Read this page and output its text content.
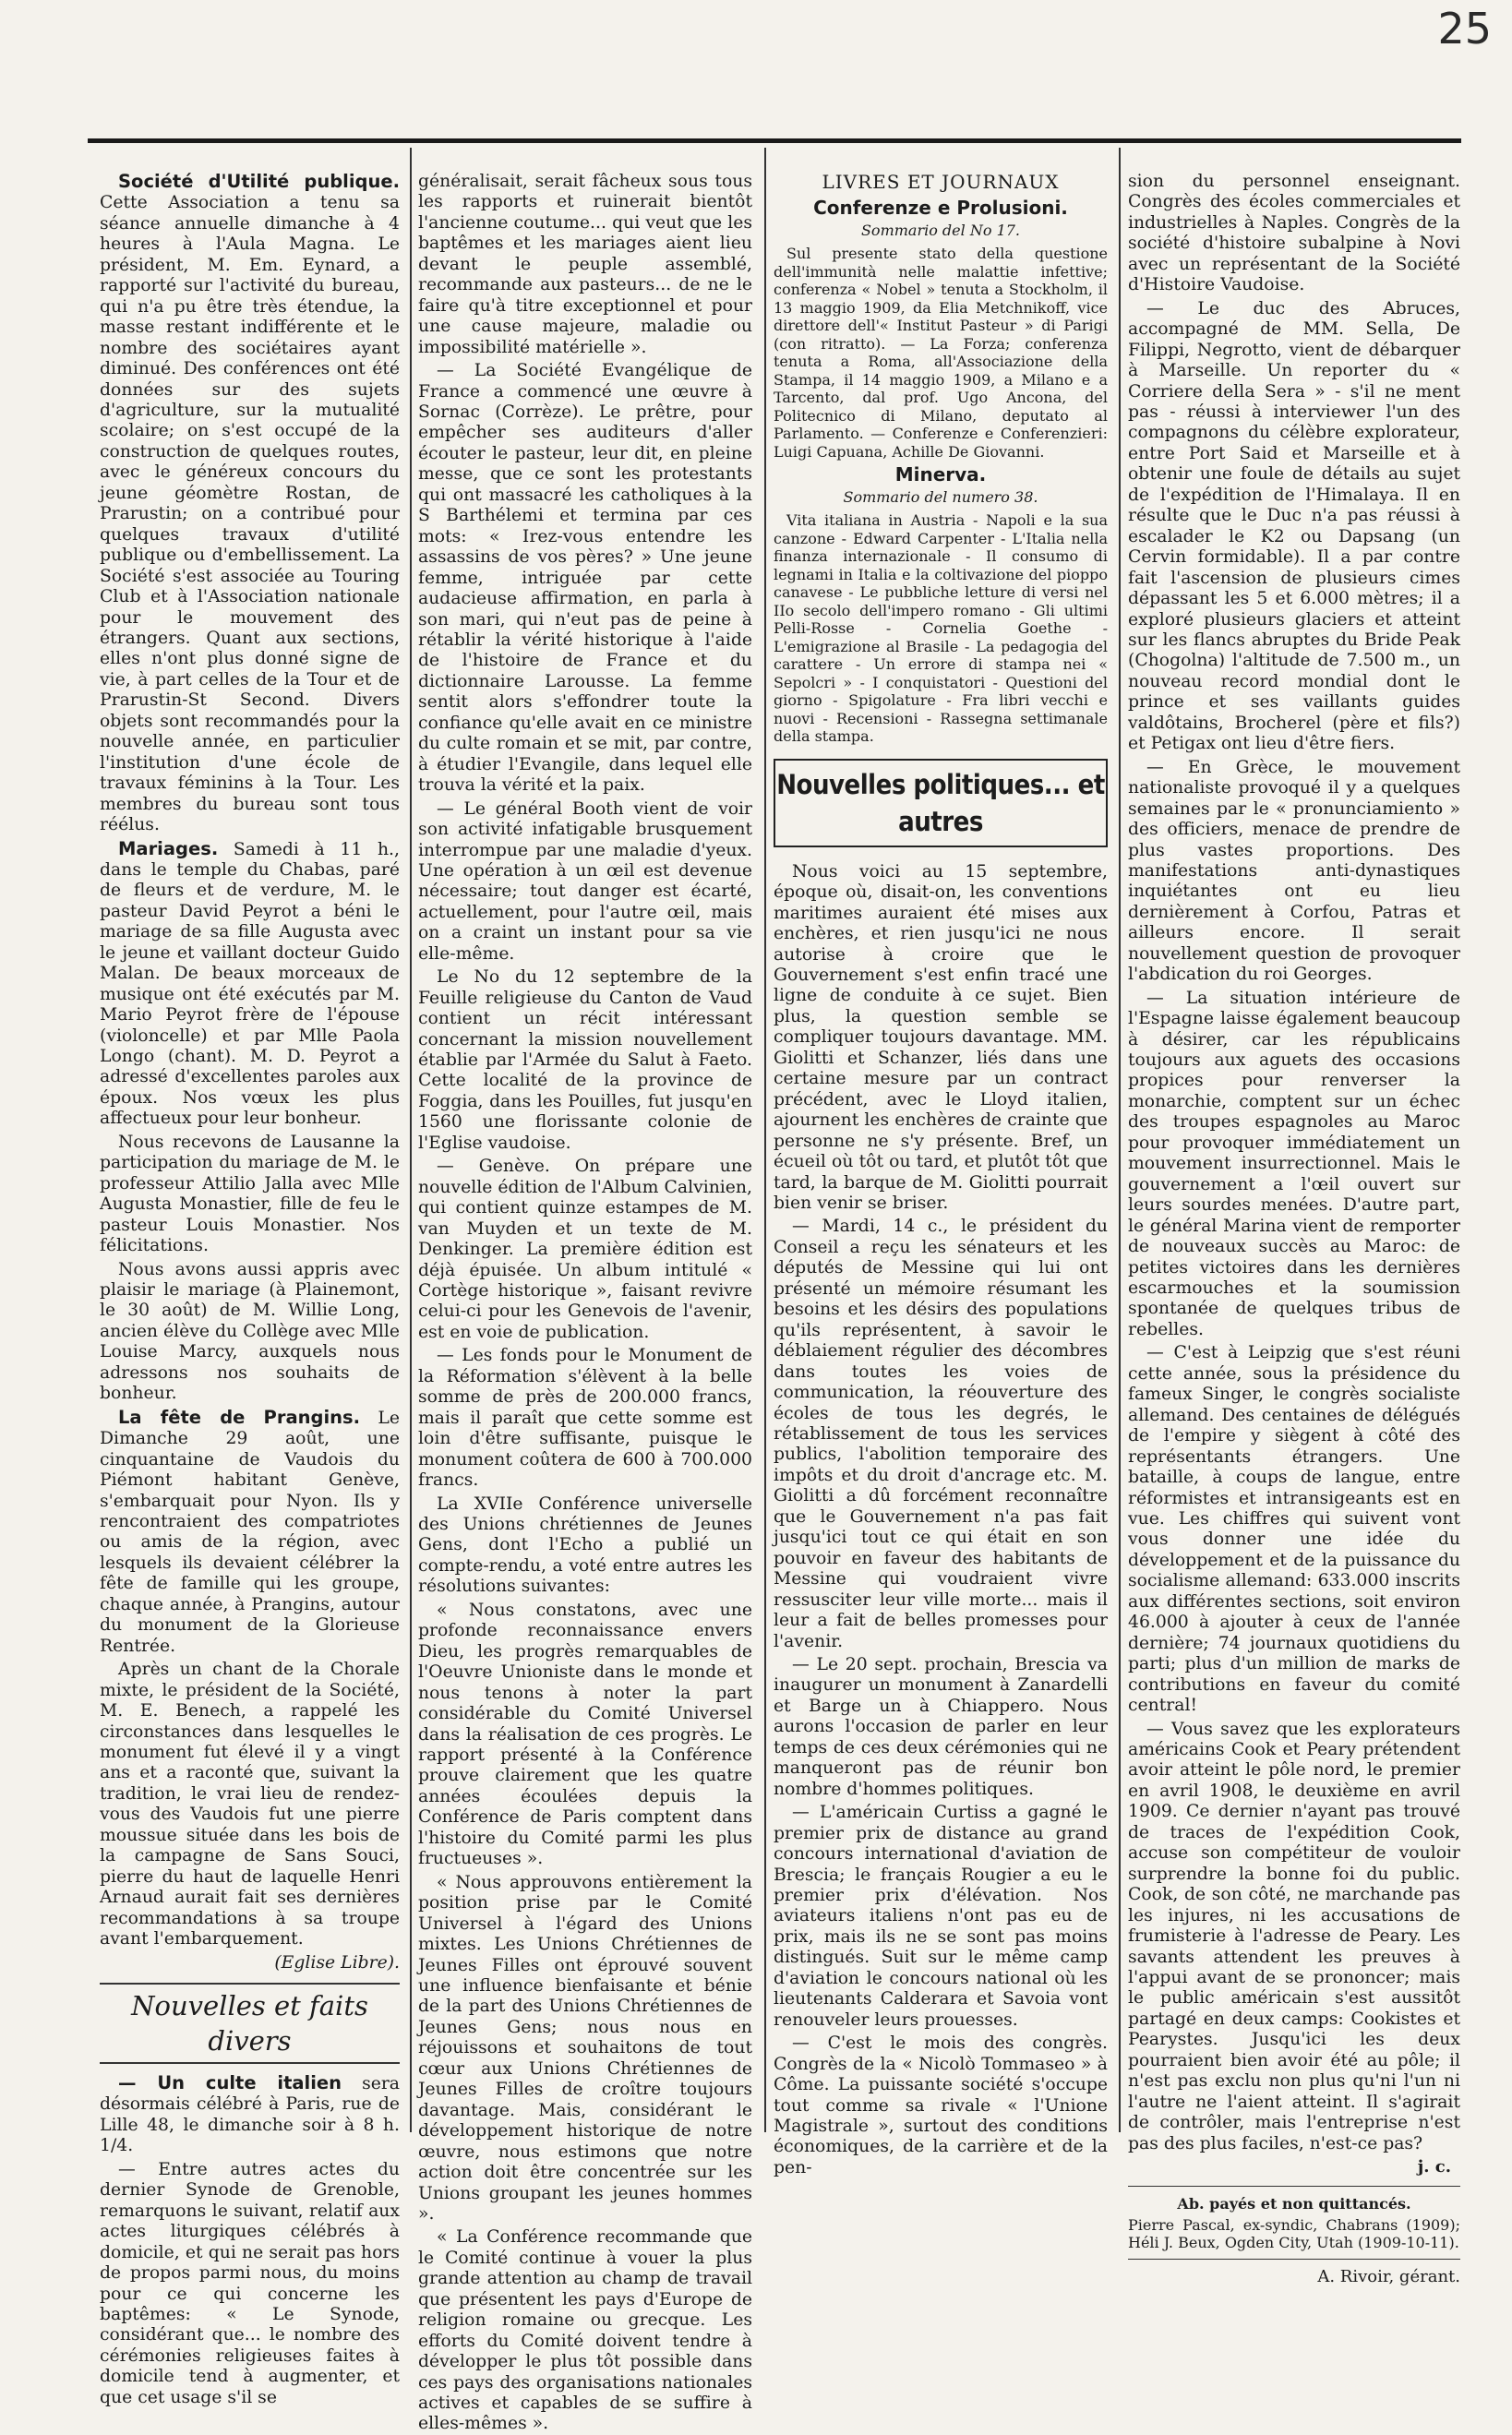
25

Société d'Utilité publique. Cette Association a tenu sa séance annuelle dimanche à 4 heures à l'Aula Magna. Le président, M. Em. Eynard, a rapporté sur l'activité du bureau, qui n'a pu être très étendue, la masse restant indifférente et le nombre des sociétaires ayant diminué. Des conférences ont été données sur des sujets d'agriculture, sur la mutualité scolaire; on s'est occupé de la construction de quelques routes, avec le généreux concours du jeune géomètre Rostan, de Prarustin; on a contribué pour quelques travaux d'utilité publique ou d'embellissement. La Société s'est associée au Touring Club et à l'Association nationale pour le mouvement des étrangers. Quant aux sections, elles n'ont plus donné signe de vie, à part celles de la Tour et de Prarustin-St Second. Divers objets sont recommandés pour la nouvelle année, en particulier l'institution d'une école de travaux féminins à la Tour. Les membres du bureau sont tous réélus.

Mariages. Samedi à 11 h., dans le temple du Chabas, paré de fleurs et de verdure, M. le pasteur David Peyrot a béni le mariage de sa fille Augusta avec le jeune et vaillant docteur Guido Malan. De beaux morceaux de musique ont été exécutés par M. Mario Peyrot frère de l'épouse (violoncelle) et par Mlle Paola Longo (chant). M. D. Peyrot a adressé d'excellentes paroles aux époux. Nos vœux les plus affectueux pour leur bonheur.

Nous recevons de Lausanne la participation du mariage de M. le professeur Attilio Jalla avec Mlle Augusta Monastier, fille de feu le pasteur Louis Monastier. Nos félicitations.

Nous avons aussi appris avec plaisir le mariage (à Plainemont, le 30 août) de M. Willie Long, ancien élève du Collège avec Mlle Louise Marcy, auxquels nous adressons nos souhaits de bonheur.

La fête de Prangins. Le Dimanche 29 août, une cinquantaine de Vaudois du Piémont habitant Genève, s'embarquait pour Nyon. Ils y rencontraient des compatriotes ou amis de la région, avec lesquels ils devaient célébrer la fête de famille qui les groupe, chaque année, à Prangins, autour du monument de la Glorieuse Rentrée.

Après un chant de la Chorale mixte, le président de la Société, M. E. Benech, a rappelé les circonstances dans lesquelles le monument fut élevé il y a vingt ans et a raconté que, suivant la tradition, le vrai lieu de rendez-vous des Vaudois fut une pierre moussue située dans les bois de la campagne de Sans Souci, pierre du haut de laquelle Henri Arnaud aurait fait ses dernières recommandations à sa troupe avant l'embarquement.

(Eglise Libre).
Nouvelles et faits divers

— Un culte italien sera désormais célébré à Paris, rue de Lille 48, le dimanche soir à 8 h. 1/4.

— Entre autres actes du dernier Synode de Grenoble, remarquons le suivant, relatif aux actes liturgiques célébrés à domicile, et qui ne serait pas hors de propos parmi nous, du moins pour ce qui concerne les baptêmes: « Le Synode, considérant que... le nombre des cérémonies religieuses faites à domicile tend à augmenter, et que cet usage s'il se

généralisait, serait fâcheux sous tous les rapports et ruinerait bientôt l'ancienne coutume... qui veut que les baptêmes et les mariages aient lieu devant le peuple assemblé, recommande aux pasteurs... de ne le faire qu'à titre exceptionnel et pour une cause majeure, maladie ou impossibilité matérielle ».

— La Société Evangélique de France a commencé une œuvre à Sornac (Corrèze). Le prêtre, pour empêcher ses auditeurs d'aller écouter le pasteur, leur dit, en pleine messe, que ce sont les protestants qui ont massacré les catholiques à la S Barthélemi et termina par ces mots: « Irez-vous entendre les assassins de vos pères? » Une jeune femme, intriguée par cette audacieuse affirmation, en parla à son mari, qui n'eut pas de peine à rétablir la vérité historique à l'aide de l'histoire de France et du dictionnaire Larousse. La femme sentit alors s'effondrer toute la confiance qu'elle avait en ce ministre du culte romain et se mit, par contre, à étudier l'Evangile, dans lequel elle trouva la vérité et la paix.

— Le général Booth vient de voir son activité infatigable brusquement interrompue par une maladie d'yeux. Une opération à un œil est devenue nécessaire; tout danger est écarté, actuellement, pour l'autre œil, mais on a craint un instant pour sa vie elle-même.

Le No du 12 septembre de la Feuille religieuse du Canton de Vaud contient un récit intéressant concernant la mission nouvellement établie par l'Armée du Salut à Faeto. Cette localité de la province de Foggia, dans les Pouilles, fut jusqu'en 1560 une florissante colonie de l'Eglise vaudoise.

— Genève. On prépare une nouvelle édition de l'Album Calvinien, qui contient quinze estampes de M. van Muyden et un texte de M. Denkinger. La première édition est déjà épuisée. Un album intitulé « Cortège historique », faisant revivre celui-ci pour les Genevois de l'avenir, est en voie de publication.

— Les fonds pour le Monument de la Réformation s'élèvent à la belle somme de près de 200.000 francs, mais il paraît que cette somme est loin d'être suffisante, puisque le monument coûtera de 600 à 700.000 francs.

La XVIIe Conférence universelle des Unions chrétiennes de Jeunes Gens, dont l'Echo a publié un compte-rendu, a voté entre autres les résolutions suivantes:

« Nous constatons, avec une profonde reconnaissance envers Dieu, les progrès remarquables de l'Oeuvre Unioniste dans le monde et nous tenons à noter la part considérable du Comité Universel dans la réalisation de ces progrès. Le rapport présenté à la Conférence prouve clairement que les quatre années écoulées depuis la Conférence de Paris comptent dans l'histoire du Comité parmi les plus fructueuses ».

« Nous approuvons entièrement la position prise par le Comité Universel à l'égard des Unions mixtes. Les Unions Chrétiennes de Jeunes Filles ont éprouvé souvent une influence bienfaisante et bénie de la part des Unions Chrétiennes de Jeunes Gens; nous nous en réjouissons et souhaitons de tout cœur aux Unions Chrétiennes de Jeunes Filles de croître toujours davantage. Mais, considérant le développement historique de notre œuvre, nous estimons que notre action doit être concentrée sur les Unions groupant les jeunes hommes ».

« La Conférence recommande que le Comité continue à vouer la plus grande attention au champ de travail que présentent les pays d'Europe de religion romaine ou grecque. Les efforts du Comité doivent tendre à développer le plus tôt possible dans ces pays des organisations nationales actives et capables de se suffire à elles-mêmes ».

LIVRES ET JOURNAUX
Conferenze e Prolusioni.
Sommario del No 17.

Sul presente stato della questione dell'immunità nelle malattie infettive; conferenza « Nobel » tenuta a Stockholm, il 13 maggio 1909, da Elia Metchnikoff, vice direttore dell'« Institut Pasteur » di Parigi (con ritratto). — La Forza; conferenza tenuta a Roma, all'Associazione della Stampa, il 14 maggio 1909, a Milano e a Tarcento, dal prof. Ugo Ancona, del Politecnico di Milano, deputato al Parlamento. — Conferenze e Conferenzieri: Luigi Capuana, Achille De Giovanni.

Minerva.
Sommario del numero 38.

Vita italiana in Austria - Napoli e la sua canzone - Edward Carpenter - L'Italia nella finanza internazionale - Il consumo di legnami in Italia e la coltivazione del pioppo canavese - Le pubbliche letture di versi nel IIo secolo dell'impero romano - Gli ultimi Pelli-Rosse - Cornelia Goethe - L'emigrazione al Brasile - La pedagogia del carattere - Un errore di stampa nei « Sepolcri » - I conquistatori - Questioni del giorno - Spigolature - Fra libri vecchi e nuovi - Recensioni - Rassegna settimanale della stampa.

Nouvelles politiques... et autres

Nous voici au 15 septembre, époque où, disait-on, les conventions maritimes auraient été mises aux enchères, et rien jusqu'ici ne nous autorise à croire que le Gouvernement s'est enfin tracé une ligne de conduite à ce sujet. Bien plus, la question semble se compliquer toujours davantage. MM. Giolitti et Schanzer, liés dans une certaine mesure par un contract précédent, avec le Lloyd italien, ajournent les enchères de crainte que personne ne s'y présente. Bref, un écueil où tôt ou tard, et plutôt tôt que tard, la barque de M. Giolitti pourrait bien venir se briser.

— Mardi, 14 c., le président du Conseil a reçu les sénateurs et les députés de Messine qui lui ont présenté un mémoire résumant les besoins et les désirs des populations qu'ils représentent, à savoir le déblaiement régulier des décombres dans toutes les voies de communication, la réouverture des écoles de tous les degrés, le rétablissement de tous les services publics, l'abolition temporaire des impôts et du droit d'ancrage etc. M. Giolitti a dû forcément reconnaître que le Gouvernement n'a pas fait jusqu'ici tout ce qui était en son pouvoir en faveur des habitants de Messine qui voudraient vivre ressusciter leur ville morte... mais il leur a fait de belles promesses pour l'avenir.

— Le 20 sept. prochain, Brescia va inaugurer un monument à Zanardelli et Barge un à Chiappero. Nous aurons l'occasion de parler en leur temps de ces deux cérémonies qui ne manqueront pas de réunir bon nombre d'hommes politiques.

— L'américain Curtiss a gagné le premier prix de distance au grand concours international d'aviation de Brescia; le français Rougier a eu le premier prix d'élévation. Nos aviateurs italiens n'ont pas eu de prix, mais ils ne se sont pas moins distingués. Suit sur le même camp d'aviation le concours national où les lieutenants Calderara et Savoia vont renouveler leurs prouesses.

— C'est le mois des congrès. Congrès de la « Nicolò Tommaseo » à Côme. La puissante société s'occupe tout comme sa rivale « l'Unione Magistrale », surtout des conditions économiques, de la carrière et de la pen-

sion du personnel enseignant. Congrès des écoles commerciales et industrielles à Naples. Congrès de la société d'histoire subalpine à Novi avec un représentant de la Société d'Histoire Vaudoise.

— Le duc des Abruces, accompagné de MM. Sella, De Filippi, Negrotto, vient de débarquer à Marseille. Un reporter du « Corriere della Sera » - s'il ne ment pas - réussi à interviewer l'un des compagnons du célèbre explorateur, entre Port Said et Marseille et à obtenir une foule de détails au sujet de l'expédition de l'Himalaya. Il en résulte que le Duc n'a pas réussi à escalader le K2 ou Dapsang (un Cervin formidable). Il a par contre fait l'ascension de plusieurs cimes dépassant les 5 et 6.000 mètres; il a exploré plusieurs glaciers et atteint sur les flancs abruptes du Bride Peak (Chogolna) l'altitude de 7.500 m., un nouveau record mondial dont le prince et ses vaillants guides valdôtains, Brocherel (père et fils?) et Petigax ont lieu d'être fiers.

— En Grèce, le mouvement nationaliste provoqué il y a quelques semaines par le « pronunciamiento » des officiers, menace de prendre de plus vastes proportions. Des manifestations anti-dynastiques inquiétantes ont eu lieu dernièrement à Corfou, Patras et ailleurs encore. Il serait nouvellement question de provoquer l'abdication du roi Georges.

— La situation intérieure de l'Espagne laisse également beaucoup à désirer, car les républicains toujours aux aguets des occasions propices pour renverser la monarchie, comptent sur un échec des troupes espagnoles au Maroc pour provoquer immédiatement un mouvement insurrectionnel. Mais le gouvernement a l'œil ouvert sur leurs sourdes menées. D'autre part, le général Marina vient de remporter de nouveaux succès au Maroc: de petites victoires dans les dernières escarmouches et la soumission spontanée de quelques tribus de rebelles.

— C'est à Leipzig que s'est réuni cette année, sous la présidence du fameux Singer, le congrès socialiste allemand. Des centaines de délégués de l'empire y siègent à côté des représentants étrangers. Une bataille, à coups de langue, entre réformistes et intransigeants est en vue. Les chiffres qui suivent vont vous donner une idée du développement et de la puissance du socialisme allemand: 633.000 inscrits aux différentes sections, soit environ 46.000 à ajouter à ceux de l'année dernière; 74 journaux quotidiens du parti; plus d'un million de marks de contributions en faveur du comité central!

— Vous savez que les explorateurs américains Cook et Peary prétendent avoir atteint le pôle nord, le premier en avril 1908, le deuxième en avril 1909. Ce dernier n'ayant pas trouvé de traces de l'expédition Cook, accuse son compétiteur de vouloir surprendre la bonne foi du public. Cook, de son côté, ne marchande pas les injures, ni les accusations de frumisterie à l'adresse de Peary. Les savants attendent les preuves à l'appui avant de se prononcer; mais le public américain s'est aussitôt partagé en deux camps: Cookistes et Pearystes. Jusqu'ici les deux pourraient bien avoir été au pôle; il n'est pas exclu non plus qu'ni l'un ni l'autre ne l'aient atteint. Il s'agirait de contrôler, mais l'entreprise n'est pas des plus faciles, n'est-ce pas?

j. c.
Ab. payés et non quittancés.

Pierre Pascal, ex-syndic, Chabrans (1909); Héli J. Beux, Ogden City, Utah (1909-10-11).

A. Rivoir, gérant.
